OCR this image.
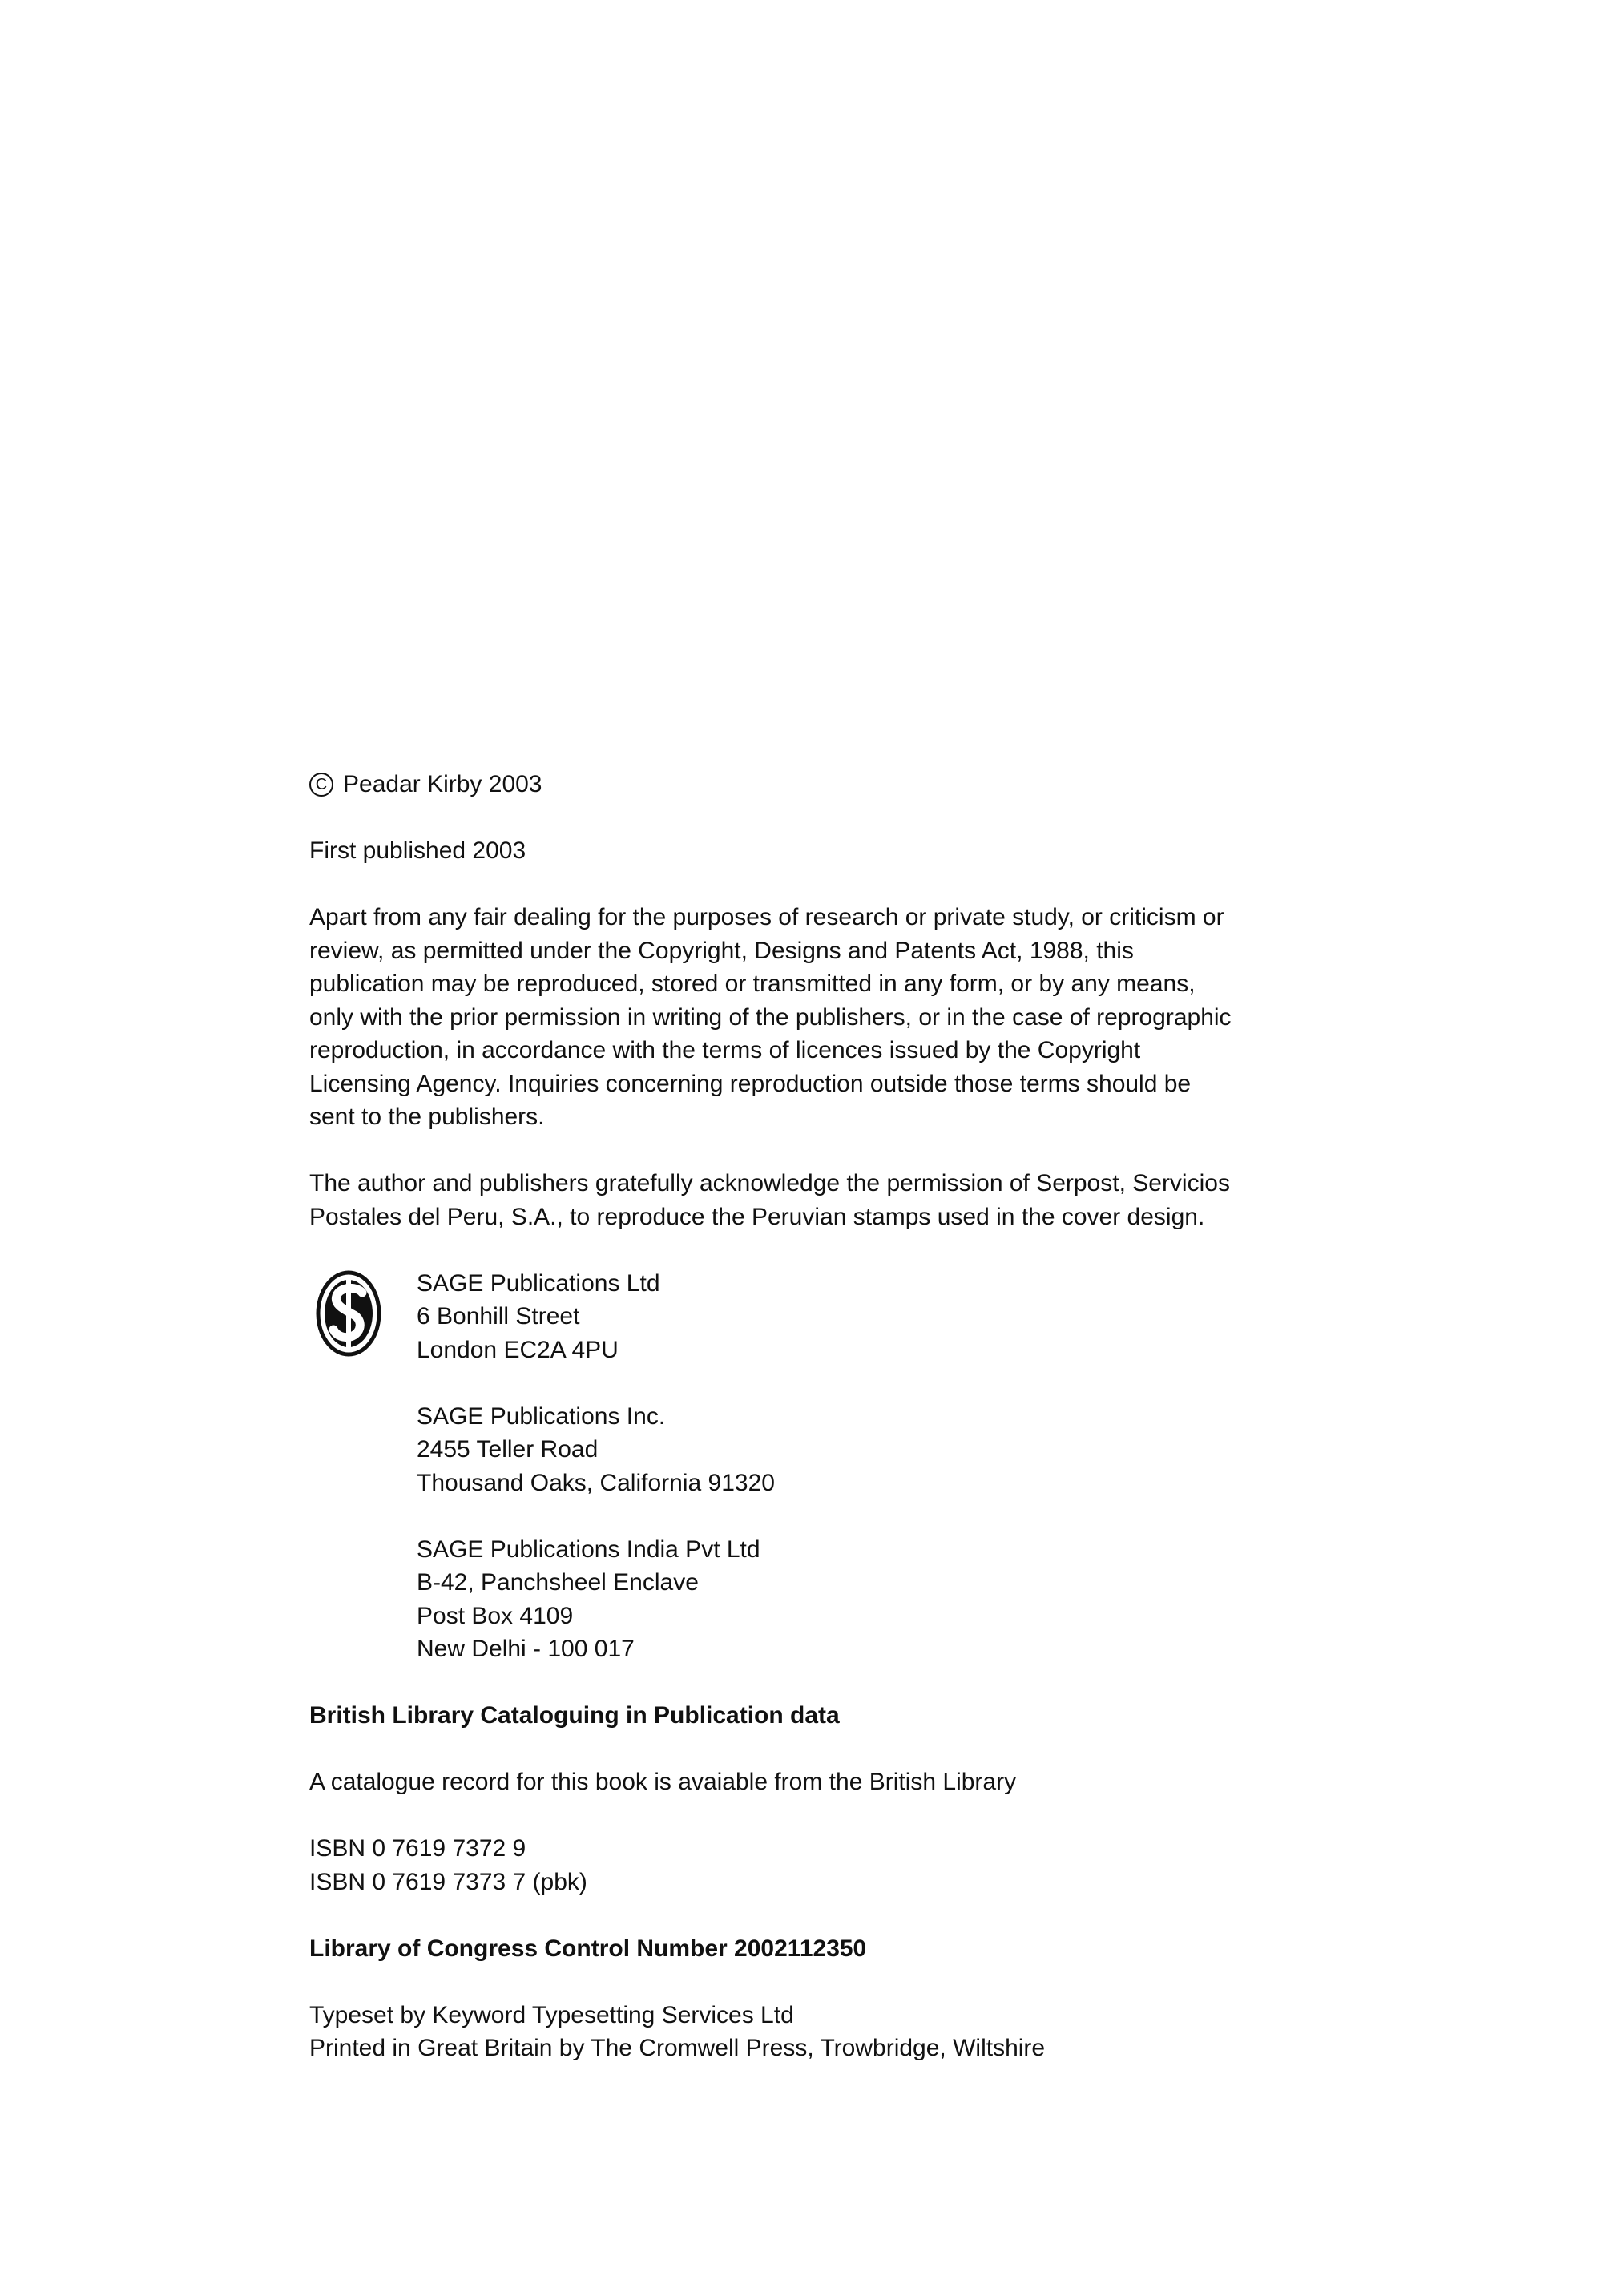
C Peadar Kirby 2003
First published 2003
Apart from any fair dealing for the purposes of research or private study, or criticism or
review, as permitted under the Copyright, Designs and Patents Act, 1988, this
publication may be reproduced, stored or transmitted in any form, or by any means,
only with the prior permission in writing of the publishers, or in the case of reprographic
reproduction, in accordance with the terms of licences issued by the Copyright
Licensing Agency. Inquiries concerning reproduction outside those terms should be
sent to the publishers.
The author and publishers gratefully acknowledge the permission of Serpost, Servicios
Postales del Peru, S.A., to reproduce the Peruvian stamps used in the cover design.
SAGE Publications Ltd
6 Bonhill Street
London EC2A 4PU
SAGE Publications Inc.
2455 Teller Road
Thousand Oaks, California 91320
SAGE Publications India Pvt Ltd
B-42, Panchsheel Enclave
Post Box 4109
New Delhi - 100 017
British Library Cataloguing in Publication data
A catalogue record for this book is avaiable from the British Library
ISBN 0 7619 7372 9
ISBN 0 7619 7373 7 (pbk)
Library of Congress Control Number 2002112350
Typeset by Keyword Typesetting Services Ltd
Printed in Great Britain by The Cromwell Press, Trowbridge, Wiltshire
